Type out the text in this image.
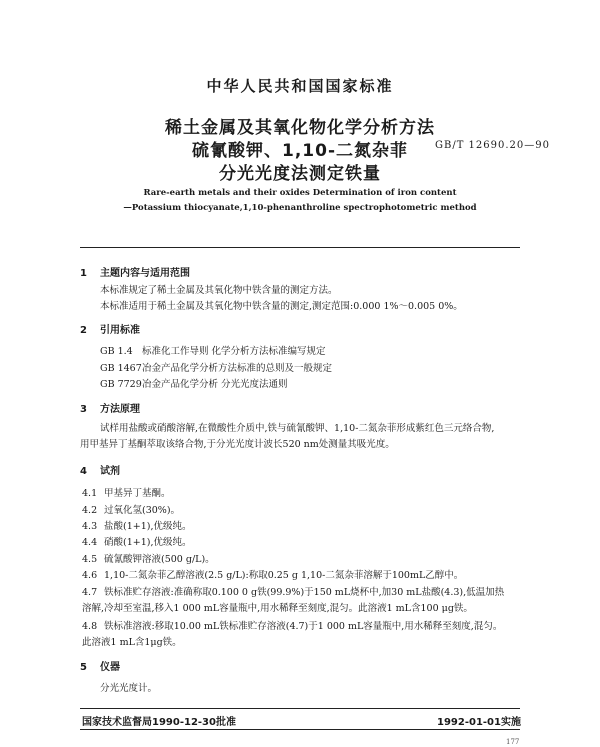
中华人民共和国国家标准
稀土金属及其氧化物化学分析方法
硫氰酸钾、1,10-二氮杂菲
分光光度法测定铁量
GB/T 12690.20—90
Rare-earth metals and their oxides Determination of iron content
—Potassium thiocyanate,1,10-phenanthroline spectrophotometric method
1 主题内容与适用范围
本标准规定了稀土金属及其氧化物中铁含量的测定方法。
本标准适用于稀土金属及其氧化物中铁含量的测定,测定范围:0.000 1%～0.005 0%。
2 引用标准
GB 1.4 标准化工作导则 化学分析方法标准编写规定
GB 1467冶金产品化学分析方法标准的总则及一般规定
GB 7729冶金产品化学分析 分光光度法通则
3 方法原理
试样用盐酸或硝酸溶解,在微酸性介质中,铁与硫氰酸钾、1,10-二氮杂菲形成紫红色三元络合物,
用甲基异丁基酮萃取该络合物,于分光光度计波长520 nm处测量其吸光度。
4 试剂
4.1 甲基异丁基酮。
4.2 过氧化氢(30%)。
4.3 盐酸(1+1),优级纯。
4.4 硝酸(1+1),优级纯。
4.5 硫氰酸钾溶液(500 g/L)。
4.6 1,10-二氮杂菲乙醇溶液(2.5 g/L):称取0.25 g 1,10-二氮杂菲溶解于100mL乙醇中。
4.7 铁标准贮存溶液:准确称取0.100 0 g铁(99.9%)于150 mL烧杯中,加30 mL盐酸(4.3),低温加热
溶解,冷却至室温,移入1 000 mL容量瓶中,用水稀释至刻度,混匀。此溶液1 mL含100 μg铁。
4.8 铁标准溶液:移取10.00 mL铁标准贮存溶液(4.7)于1 000 mL容量瓶中,用水稀释至刻度,混匀。
此溶液1 mL含1μg铁。
5 仪器
分光光度计。
国家技术监督局1990-12-30批准	1992-01-01实施
177
